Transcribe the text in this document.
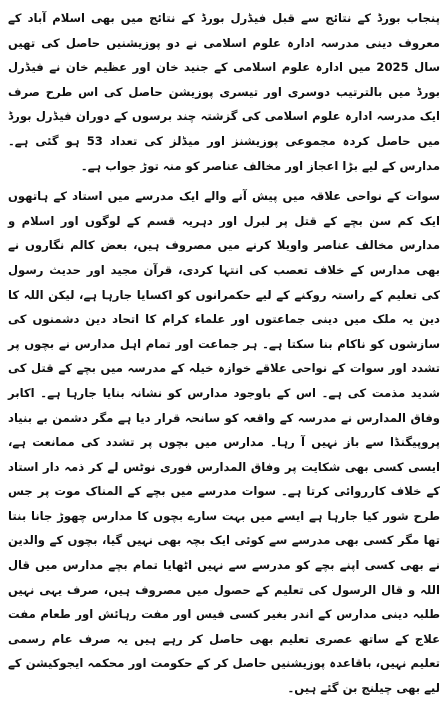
پنجاب بورڈ کے نتائج سے قبل فیڈرل بورڈ کے نتائج میں بھی اسلام آباد کے معروف دینی مدرسہ ادارہ علوم اسلامی نے دو پوزیشنیں حاصل کی تھیں سال 2025 میں ادارہ علوم اسلامی کے جنید خان اور عظیم خان نے فیڈرل بورڈ میں بالترتیب دوسری اور تیسری پوزیشن حاصل کی اس طرح صرف ایک مدرسہ ادارہ علوم اسلامی کی گزشتہ چند برسوں کے دوران فیڈرل بورڈ میں حاصل کردہ مجموعی پوزیشنز اور میڈلز کی تعداد 53 ہو گئی ہے۔ مدارس کے لیے بڑا اعجاز اور مخالف عناصر کو منہ توڑ جواب ہے۔

سوات کے نواحی علاقہ میں پیش آنے والے ایک مدرسے میں استاد کے ہاتھوں ایک کم سن بچے کے قتل پر لبرل اور دہریہ قسم کے لوگوں اور اسلام و مدارس مخالف عناصر واویلا کرنے میں مصروف ہیں، بعض کالم نگاروں نے بھی مدارس کے خلاف تعصب کی انتہا کردی، قرآن مجید اور حدیث رسول کی تعلیم کے راستہ روکنے کے لیے حکمرانوں کو اکسایا جارہا ہے، لیکن اللہ کا دین یہ ملک میں دینی جماعتوں اور علماء کرام کا اتحاد دین دشمنوں کی سازشوں کو ناکام بنا سکتا ہے۔ ہر جماعت اور تمام اہل مدارس نے بچوں پر تشدد اور سوات کے نواحی علاقے خوازہ خیلہ کے مدرسہ میں بچے کے قتل کی شدید مذمت کی ہے۔ اس کے باوجود مدارس کو نشانہ بنایا جارہا ہے۔ اکابر وفاق المدارس نے مدرسہ کے واقعہ کو سانحہ قرار دیا ہے مگر دشمن بے بنیاد پروپیگنڈا سے باز نہیں آ رہا۔ مدارس میں بچوں پر تشدد کی ممانعت ہے، ایسی کسی بھی شکایت پر وفاق المدارس فوری نوٹس لے کر ذمہ دار استاد کے خلاف کارروائی کرتا ہے۔ سوات مدرسے میں بچے کے المناک موت پر جس طرح شور کیا جارہا ہے ایسے میں بہت سارے بچوں کا مدارس چھوڑ جانا بنتا تھا مگر کسی بھی مدرسے سے کوئی ایک بچہ بھی نہیں گیا، بچوں کے والدین نے بھی کسی اپنے بچے کو مدرسے سے نہیں اٹھایا تمام بچے مدارس میں قال اللہ و قال الرسول کی تعلیم کے حصول میں مصروف ہیں، صرف یہی نہیں طلبہ دینی مدارس کے اندر بغیر کسی فیس اور مفت رہائش اور طعام مفت علاج کے ساتھ عصری تعلیم بھی حاصل کر رہے ہیں یہ صرف عام رسمی تعلیم نہیں، باقاعدہ پوزیشنیں حاصل کر کے حکومت اور محکمہ ایجوکیشن کے لیے بھی چیلنج بن گئے ہیں۔
